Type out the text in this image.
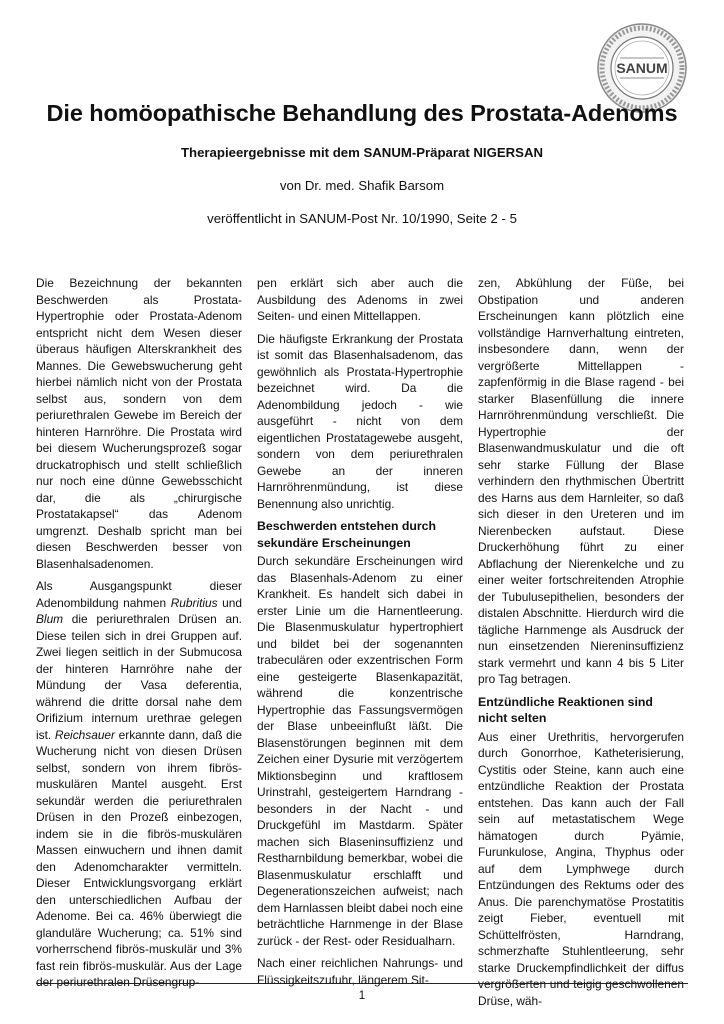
SANUM
Die homöopathische Behandlung des Prostata-Adenoms
Therapieergebnisse mit dem SANUM-Präparat NIGERSAN
von Dr. med. Shafik Barsom
veröffentlicht in SANUM-Post Nr. 10/1990, Seite 2 - 5

Die Bezeichnung der bekannten Beschwerden als Prostata-Hypertrophie oder Prostata-Adenom entspricht nicht dem Wesen dieser überaus häufigen Alterskrankheit des Mannes. Die Gewebswucherung geht hierbei nämlich nicht von der Prostata selbst aus, sondern von dem periurethralen Gewebe im Bereich der hinteren Harnröhre. Die Prostata wird bei diesem Wucherungsprozeß sogar druckatrophisch und stellt schließlich nur noch eine dünne Gewebsschicht dar, die als „chirurgische Prostatakapsel“ das Adenom umgrenzt. Deshalb spricht man bei diesen Beschwerden besser von Blasenhalsadenomen.

Als Ausgangspunkt dieser Adenombildung nahmen Rubritius und Blum die periurethralen Drüsen an. Diese teilen sich in drei Gruppen auf. Zwei liegen seitlich in der Submucosa der hinteren Harnröhre nahe der Mündung der Vasa deferentia, während die dritte dorsal nahe dem Orifizium internum urethrae gelegen ist. Reichsauer erkannte dann, daß die Wucherung nicht von diesen Drüsen selbst, sondern von ihrem fibrös-muskulären Mantel ausgeht. Erst sekundär werden die periurethralen Drüsen in den Prozeß einbezogen, indem sie in die fibrös-muskulären Massen einwuchern und ihnen damit den Adenomcharakter vermitteln. Dieser Entwicklungsvorgang erklärt den unterschiedlichen Aufbau der Adenome. Bei ca. 46% überwiegt die glanduläre Wucherung; ca. 51% sind vorherrschend fibrös-muskulär und 3% fast rein fibrös-muskulär. Aus der Lage der periurethralen Drüsengrup-

pen erklärt sich aber auch die Ausbildung des Adenoms in zwei Seiten- und einen Mittellappen.

Die häufigste Erkrankung der Prostata ist somit das Blasenhalsadenom, das gewöhnlich als Prostata-Hypertrophie bezeichnet wird. Da die Adenombildung jedoch - wie ausgeführt - nicht von dem eigentlichen Prostatagewebe ausgeht, sondern von dem periurethralen Gewebe an der inneren Harnröhrenmündung, ist diese Benennung also unrichtig.

Beschwerden entstehen durch sekundäre Erscheinungen

Durch sekundäre Erscheinungen wird das Blasenhals-Adenom zu einer Krankheit. Es handelt sich dabei in erster Linie um die Harnentleerung. Die Blasenmuskulatur hypertrophiert und bildet bei der sogenannten trabeculären oder exzentrischen Form eine gesteigerte Blasenkapazität, während die konzentrische Hypertrophie das Fassungsvermögen der Blase unbeeinflußt läßt. Die Blasenstörungen beginnen mit dem Zeichen einer Dysurie mit verzögertem Miktionsbeginn und kraftlosem Urinstrahl, gesteigertem Harndrang - besonders in der Nacht - und Druckgefühl im Mastdarm. Später machen sich Blaseninsuffizienz und Restharnbildung bemerkbar, wobei die Blasenmuskulatur erschlafft und Degenerationszeichen aufweist; nach dem Harnlassen bleibt dabei noch eine beträchtliche Harnmenge in der Blase zurück - der Rest- oder Residualharn.

Nach einer reichlichen Nahrungs- und Flüssigkeitszufuhr, längerem Sit-

zen, Abkühlung der Füße, bei Obstipation und anderen Erscheinungen kann plötzlich eine vollständige Harnverhaltung eintreten, insbesondere dann, wenn der vergrößerte Mittellappen - zapfenförmig in die Blase ragend - bei starker Blasenfüllung die innere Harnröhrenmündung verschließt. Die Hypertrophie der Blasenwandmuskulatur und die oft sehr starke Füllung der Blase verhindern den rhythmischen Übertritt des Harns aus dem Harnleiter, so daß sich dieser in den Ureteren und im Nierenbecken aufstaut. Diese Druckerhöhung führt zu einer Abflachung der Nierenkelche und zu einer weiter fortschreitenden Atrophie der Tubulusepithelien, besonders der distalen Abschnitte. Hierdurch wird die tägliche Harnmenge als Ausdruck der nun einsetzenden Niereninsuffizienz stark vermehrt und kann 4 bis 5 Liter pro Tag betragen.

Entzündliche Reaktionen sind nicht selten

Aus einer Urethritis, hervorgerufen durch Gonorrhoe, Katheterisierung, Cystitis oder Steine, kann auch eine entzündliche Reaktion der Prostata entstehen. Das kann auch der Fall sein auf metastatischem Wege hämatogen durch Pyämie, Furunkulose, Angina, Thyphus oder auf dem Lymphwege durch Entzündungen des Rektums oder des Anus. Die parenchymatöse Prostatitis zeigt Fieber, eventuell mit Schüttelfrösten, Harndrang, schmerzhafte Stuhlentleerung, sehr starke Druckempfindlichkeit der diffus vergrößerten und teigig geschwollenen Drüse, wäh-

1
